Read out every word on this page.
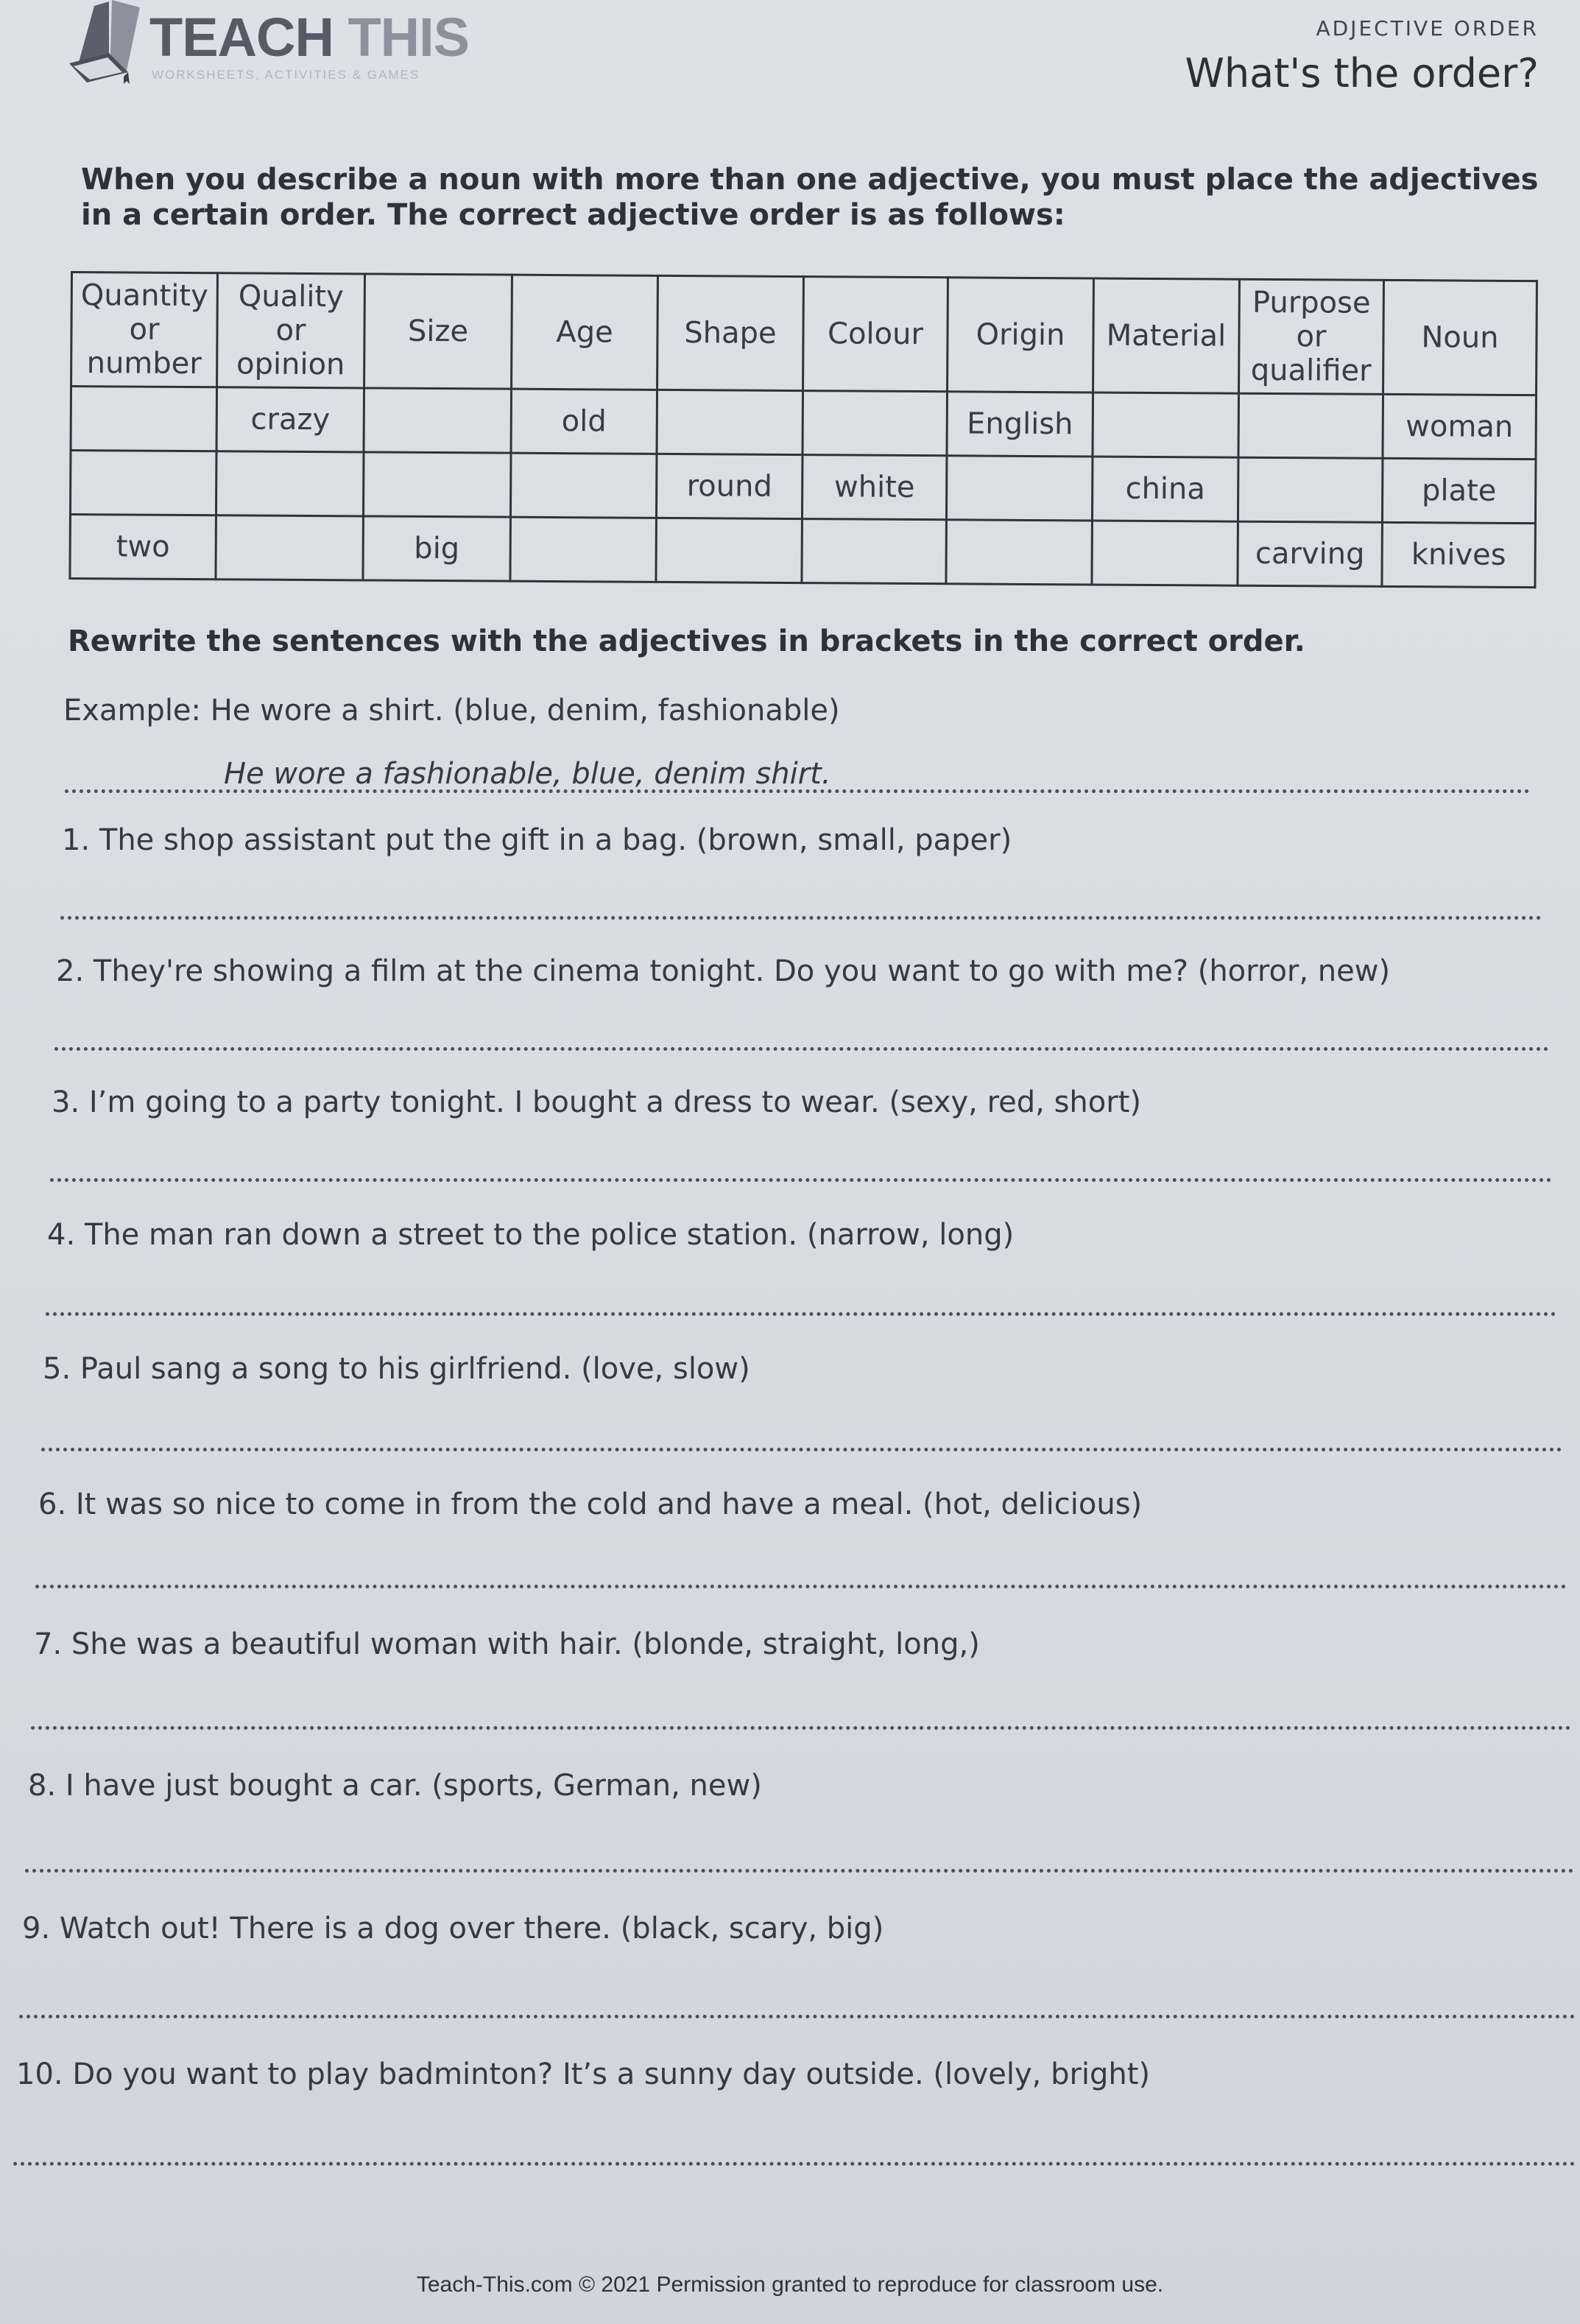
TEACH THIS
WORKSHEETS, ACTIVITIES & GAMES
ADJECTIVE ORDER
What's the order?
When you describe a noun with more than one adjective, you must place the adjectives in a certain order. The correct adjective order is as follows:
Quantity
or
number	Quality
or
opinion	Size	Age	Shape	Colour	Origin	Material	Purpose
or
qualifier	Noun
	crazy		old			English			woman
				round	white		china		plate
two		big						carving	knives
Rewrite the sentences with the adjectives in brackets in the correct order.
Example: He wore a shirt. (blue, denim, fashionable)
He wore a fashionable, blue, denim shirt.
1. The shop assistant put the gift in a bag. (brown, small, paper)
2. They're showing a film at the cinema tonight. Do you want to go with me? (horror, new)
3. I’m going to a party tonight. I bought a dress to wear. (sexy, red, short)
4. The man ran down a street to the police station. (narrow, long)
5. Paul sang a song to his girlfriend. (love, slow)
6. It was so nice to come in from the cold and have a meal. (hot, delicious)
7. She was a beautiful woman with hair. (blonde, straight, long,)
8. I have just bought a car. (sports, German, new)
9. Watch out! There is a dog over there. (black, scary, big)
10. Do you want to play badminton? It’s a sunny day outside. (lovely, bright)
Teach-This.com © 2021 Permission granted to reproduce for classroom use.
